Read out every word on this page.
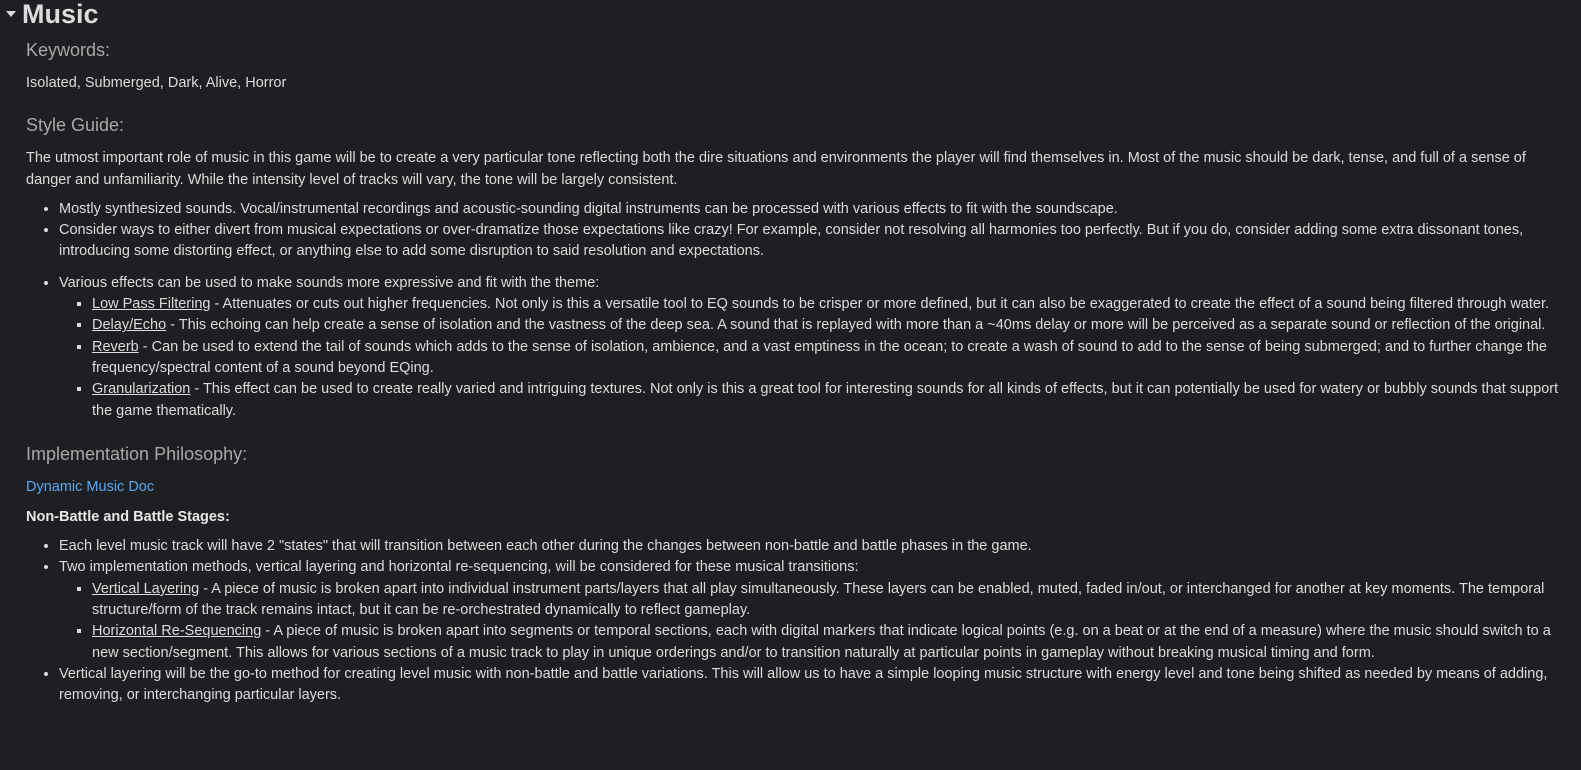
Music
Keywords:
Isolated, Submerged, Dark, Alive, Horror
Style Guide:
The utmost important role of music in this game will be to create a very particular tone reflecting both the dire situations and environments the player will find themselves in. Most of the music should be dark, tense, and full of a sense of danger and unfamiliarity. While the intensity level of tracks will vary, the tone will be largely consistent.
• Mostly synthesized sounds. Vocal/instrumental recordings and acoustic-sounding digital instruments can be processed with various effects to fit with the soundscape.
• Consider ways to either divert from musical expectations or over-dramatize those expectations like crazy! For example, consider not resolving all harmonies too perfectly. But if you do, consider adding some extra dissonant tones, introducing some distorting effect, or anything else to add some disruption to said resolution and expectations.
• Various effects can be used to make sounds more expressive and fit with the theme:
▪ Low Pass Filtering - Attenuates or cuts out higher frequencies. Not only is this a versatile tool to EQ sounds to be crisper or more defined, but it can also be exaggerated to create the effect of a sound being filtered through water.
▪ Delay/Echo - This echoing can help create a sense of isolation and the vastness of the deep sea. A sound that is replayed with more than a ~40ms delay or more will be perceived as a separate sound or reflection of the original.
▪ Reverb - Can be used to extend the tail of sounds which adds to the sense of isolation, ambience, and a vast emptiness in the ocean; to create a wash of sound to add to the sense of being submerged; and to further change the frequency/spectral content of a sound beyond EQing.
▪ Granularization - This effect can be used to create really varied and intriguing textures. Not only is this a great tool for interesting sounds for all kinds of effects, but it can potentially be used for watery or bubbly sounds that support the game thematically.
Implementation Philosophy:
Dynamic Music Doc
Non-Battle and Battle Stages:
• Each level music track will have 2 "states" that will transition between each other during the changes between non-battle and battle phases in the game.
• Two implementation methods, vertical layering and horizontal re-sequencing, will be considered for these musical transitions:
▪ Vertical Layering - A piece of music is broken apart into individual instrument parts/layers that all play simultaneously. These layers can be enabled, muted, faded in/out, or interchanged for another at key moments. The temporal structure/form of the track remains intact, but it can be re-orchestrated dynamically to reflect gameplay.
▪ Horizontal Re-Sequencing - A piece of music is broken apart into segments or temporal sections, each with digital markers that indicate logical points (e.g. on a beat or at the end of a measure) where the music should switch to a new section/segment. This allows for various sections of a music track to play in unique orderings and/or to transition naturally at particular points in gameplay without breaking musical timing and form.
• Vertical layering will be the go-to method for creating level music with non-battle and battle variations. This will allow us to have a simple looping music structure with energy level and tone being shifted as needed by means of adding, removing, or interchanging particular layers.
